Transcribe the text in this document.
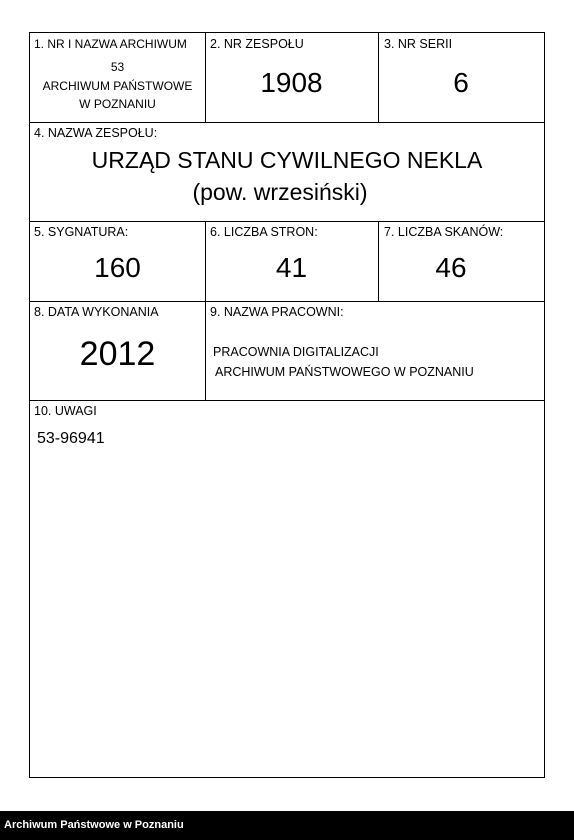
1. NR I NAZWA ARCHIWUM
53
ARCHIWUM PAŃSTWOWE
W POZNANIU
2. NR ZESPOŁU
1908
3. NR SERII
6
4. NAZWA ZESPOŁU:
URZĄD STANU CYWILNEGO NEKLA
(pow. wrzesiński)
5. SYGNATURA:
160
6. LICZBA STRON:
41
7. LICZBA SKANÓW:
46
8. DATA WYKONANIA
2012
9. NAZWA PRACOWNI:
PRACOWNIA DIGITALIZACJI
ARCHIWUM PAŃSTWOWEGO W POZNANIU
10. UWAGI
53-96941
Archiwum Państwowe w Poznaniu
